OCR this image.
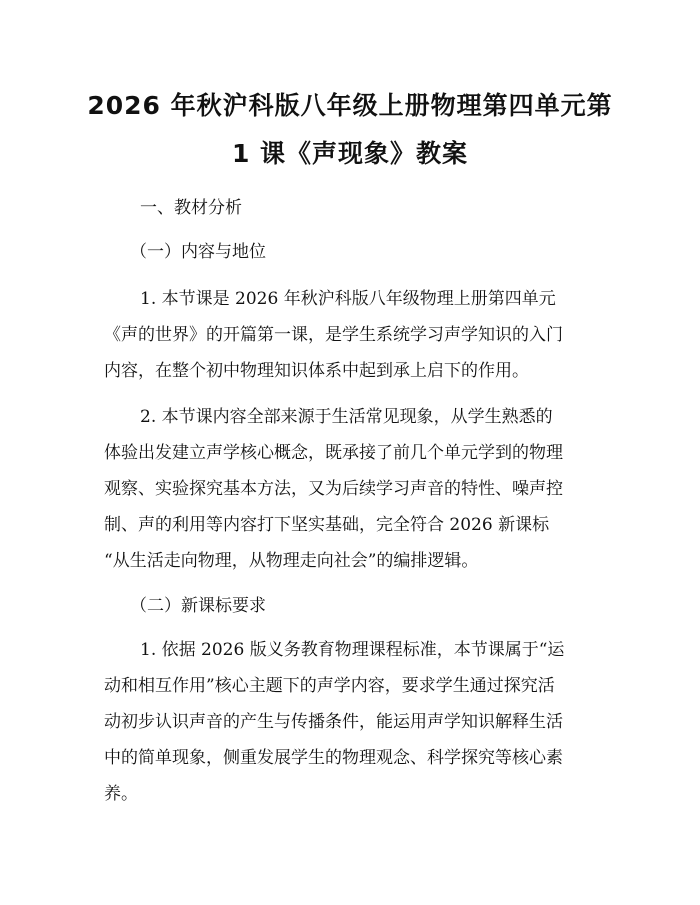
2026 年秋沪科版八年级上册物理第四单元第
1 课《声现象》教案
一、教材分析
（一）内容与地位
1. 本节课是 2026 年秋沪科版八年级物理上册第四单元
《声的世界》的开篇第一课，是学生系统学习声学知识的入门
内容，在整个初中物理知识体系中起到承上启下的作用。
2. 本节课内容全部来源于生活常见现象，从学生熟悉的
体验出发建立声学核心概念，既承接了前几个单元学到的物理
观察、实验探究基本方法，又为后续学习声音的特性、噪声控
制、声的利用等内容打下坚实基础，完全符合 2026 新课标
“从生活走向物理，从物理走向社会”的编排逻辑。
（二）新课标要求
1. 依据 2026 版义务教育物理课程标准，本节课属于“运
动和相互作用”核心主题下的声学内容，要求学生通过探究活
动初步认识声音的产生与传播条件，能运用声学知识解释生活
中的简单现象，侧重发展学生的物理观念、科学探究等核心素
养。
